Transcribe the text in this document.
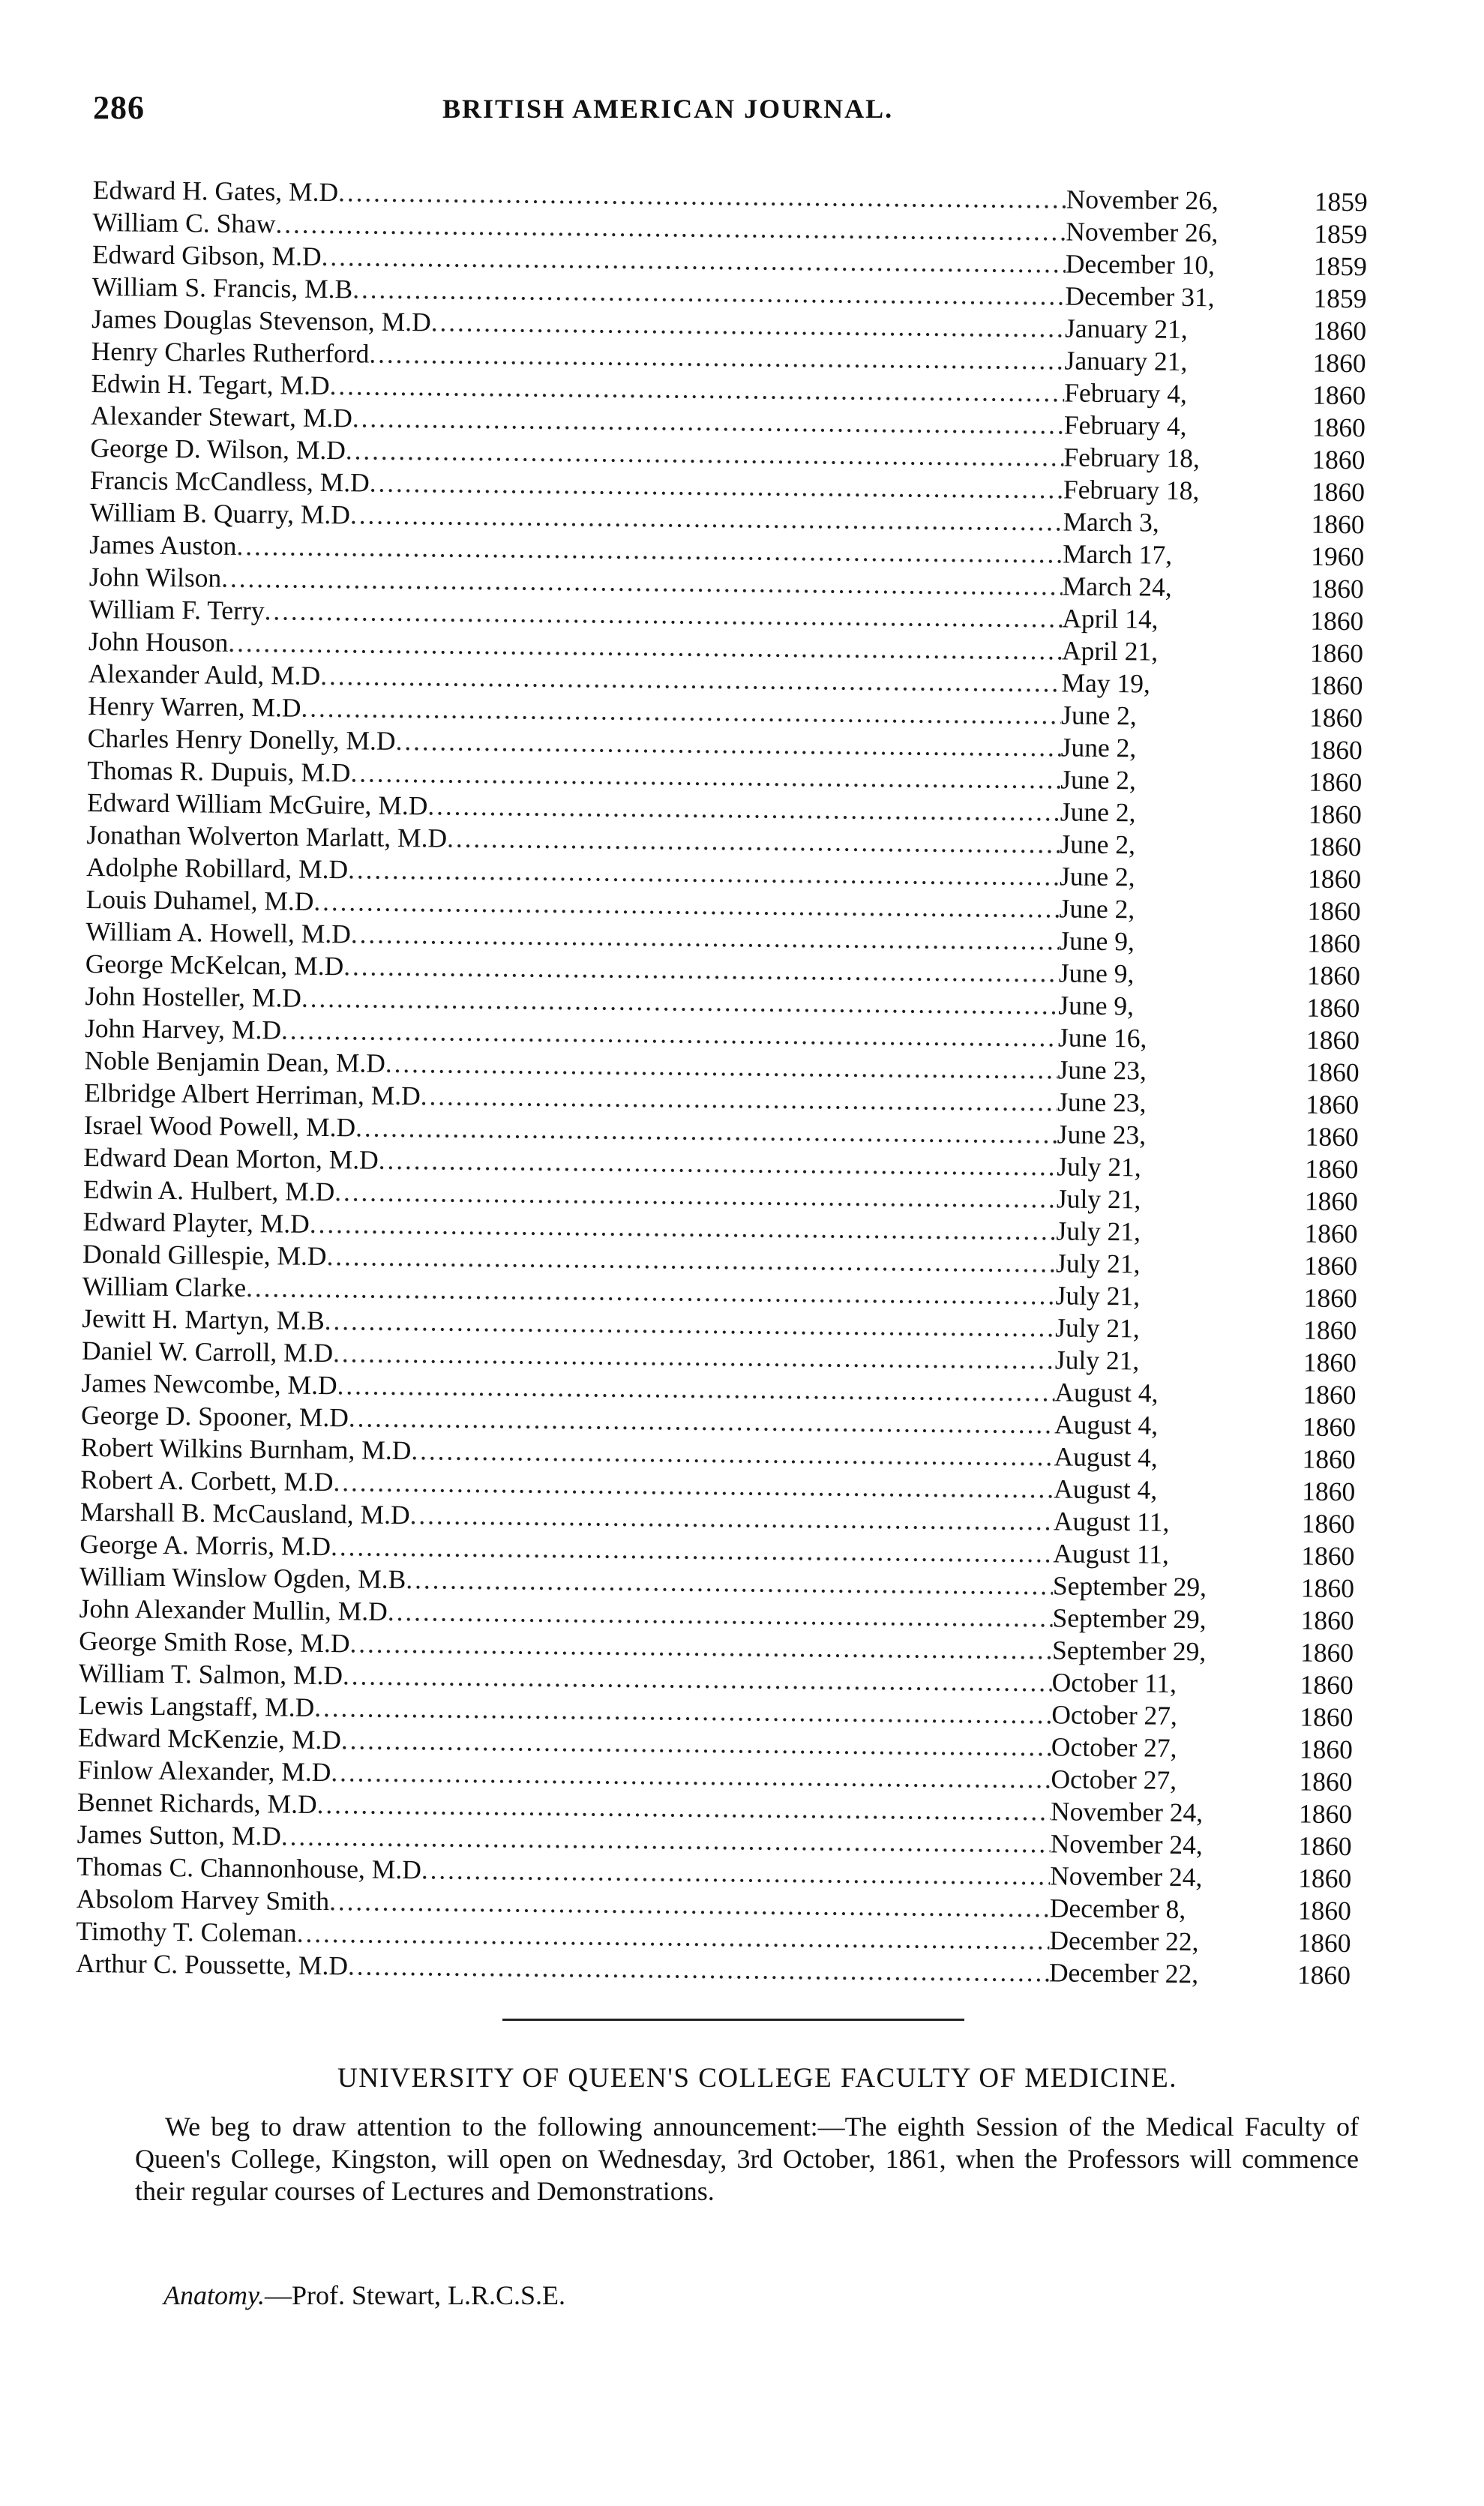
286	BRITISH AMERICAN JOURNAL.
Edward H. Gates, M.D . . .	November 26,	1859
William C. Shaw . . .	November 26,	1859
Edward Gibson, M.D . . .	December 10,	1859
William S. Francis, M.B . . .	December 31,	1859
James Douglas Stevenson, M.D . . .	January 21,	1860
Henry Charles Rutherford . . .	January 21,	1860
Edwin H. Tegart, M.D . . .	February 4,	1860
Alexander Stewart, M.D . . .	February 4,	1860
George D. Wilson, M.D . . .	February 18,	1860
Francis McCandless, M.D . . .	February 18,	1860
William B. Quarry, M.D . . .	March 3,	1860
James Auston . . .	March 17,	1960
John Wilson . . .	March 24,	1860
William F. Terry . . .	April 14,	1860
John Houson . . .	April 21,	1860
Alexander Auld, M.D . . .	May 19,	1860
Henry Warren, M.D . . .	June 2,	1860
Charles Henry Donelly, M.D . . .	June 2,	1860
Thomas R. Dupuis, M.D . . .	June 2,	1860
Edward William McGuire, M.D . . .	June 2,	1860
Jonathan Wolverton Marlatt, M.D . . .	June 2,	1860
Adolphe Robillard, M.D . . .	June 2,	1860
Louis Duhamel, M.D . . .	June 2,	1860
William A. Howell, M.D . . .	June 9,	1860
George McKelcan, M.D . . .	June 9,	1860
John Hosteller, M.D . . .	June 9,	1860
John Harvey, M.D . . .	June 16,	1860
Noble Benjamin Dean, M.D . . .	June 23,	1860
Elbridge Albert Herriman, M.D . . .	June 23,	1860
Israel Wood Powell, M.D . . .	June 23,	1860
Edward Dean Morton, M.D . . .	July 21,	1860
Edwin A. Hulbert, M.D . . .	July 21,	1860
Edward Playter, M.D . . .	July 21,	1860
Donald Gillespie, M.D . . .	July 21,	1860
William Clarke . . .	July 21,	1860
Jewitt H. Martyn, M.B . . .	July 21,	1860
Daniel W. Carroll, M.D . . .	July 21,	1860
James Newcombe, M.D . . .	August 4,	1860
George D. Spooner, M.D . . .	August 4,	1860
Robert Wilkins Burnham, M.D . . .	August 4,	1860
Robert A. Corbett, M.D . . .	August 4,	1860
Marshall B. McCausland, M.D . . .	August 11,	1860
George A. Morris, M.D . . .	August 11,	1860
William Winslow Ogden, M.B . . .	September 29,	1860
John Alexander Mullin, M.D . . .	September 29,	1860
George Smith Rose, M.D . . .	September 29,	1860
William T. Salmon, M.D . . .	October 11,	1860
Lewis Langstaff, M.D . . .	October 27,	1860
Edward McKenzie, M.D . . .	October 27,	1860
Finlow Alexander, M.D . . .	October 27,	1860
Bennet Richards, M.D . . .	November 24,	1860
James Sutton, M.D . . .	November 24,	1860
Thomas C. Channonhouse, M.D . . .	November 24,	1860
Absolom Harvey Smith . . .	December 8,	1860
Timothy T. Coleman . . .	December 22,	1860
Arthur C. Poussette, M.D . . .	December 22,	1860
UNIVERSITY OF QUEEN'S COLLEGE FACULTY OF MEDICINE.
We beg to draw attention to the following announcement:—The eighth Session of the Medical Faculty of Queen's College, Kingston, will open on Wednesday, 3rd October, 1861, when the Professors will commence their regular courses of Lectures and Demonstrations.
Anatomy.—Prof. Stewart, L.R.C.S.E.
